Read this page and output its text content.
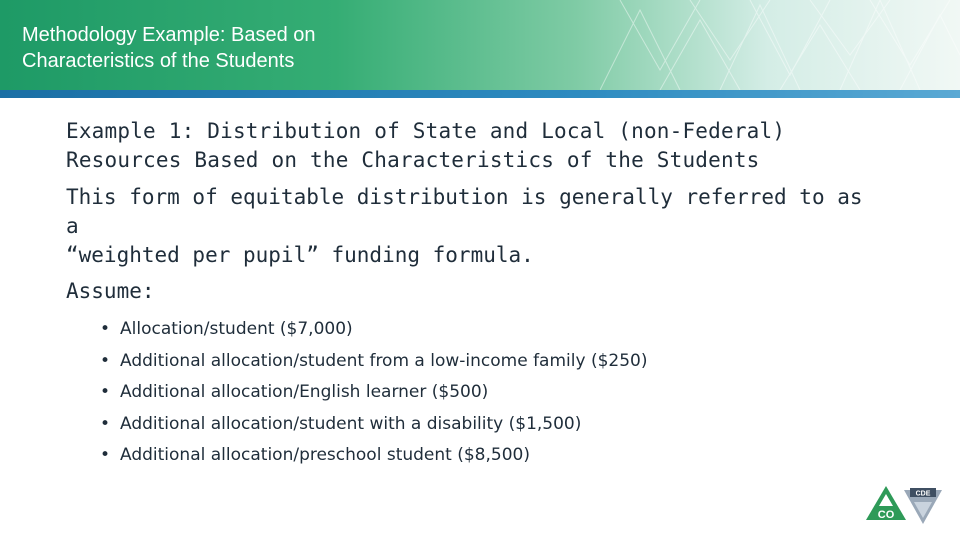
Methodology Example: Based on
Characteristics of the Students
Example 1: Distribution of State and Local (non-Federal)
Resources Based on the Characteristics of the Students
This form of equitable distribution is generally referred to as a
“weighted per pupil” funding formula.
Assume:
• Allocation/student ($7,000)
• Additional allocation/student from a low-income family ($250)
• Additional allocation/English learner ($500)
• Additional allocation/student with a disability ($1,500)
• Additional allocation/preschool student ($8,500)
CO
CDE
